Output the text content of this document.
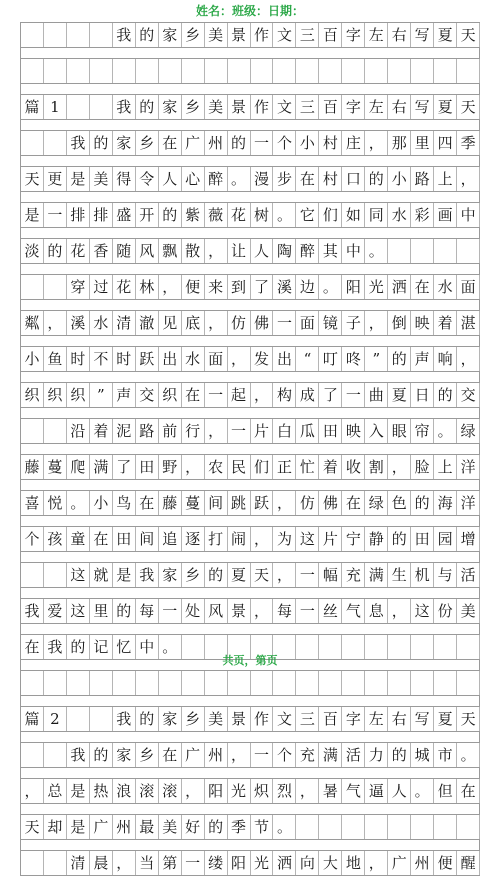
姓名：班级：日期：
我 的 家 乡 美 景 作 文 三 百 字 左 右 写 夏 天
篇 1	我 的 家 乡 美 景 作 文 三 百 字 左 右 写 夏 天
我 的 家 乡 在 广 州 的 一 个 小 村 庄 ， 那 里 四 季
天 更 是 美 得 令 人 心 醉 。 漫 步 在 村 口 的 小 路 上 ，
是 一 排 排 盛 开 的 紫 薇 花 树 。 它 们 如 同 水 彩 画 中
淡 的 花 香 随 风 飘 散 ， 让 人 陶 醉 其 中 。
穿 过 花 林 ， 便 来 到 了 溪 边 。 阳 光 洒 在 水 面
粼 ， 溪 水 清 澈 见 底 ， 仿 佛 一 面 镜 子 ， 倒 映 着 湛
小 鱼 时 不 时 跃 出 水 面 ， 发 出 “ 叮 咚 ” 的 声 响 ，
织 织 织 ” 声 交 织 在 一 起 ， 构 成 了 一 曲 夏 日 的 交
沿 着 泥 路 前 行 ， 一 片 白 瓜 田 映 入 眼 帘 。 绿
藤 蔓 爬 满 了 田 野 ， 农 民 们 正 忙 着 收 割 ， 脸 上 洋
喜 悦 。 小 鸟 在 藤 蔓 间 跳 跃 ， 仿 佛 在 绿 色 的 海 洋
个 孩 童 在 田 间 追 逐 打 闹 ， 为 这 片 宁 静 的 田 园 增
这 就 是 我 家 乡 的 夏 天 ， 一 幅 充 满 生 机 与 活
我 爱 这 里 的 每 一 处 风 景 ， 每 一 丝 气 息 ， 这 份 美
在 我 的 记 忆 中 。
篇 2	我 的 家 乡 美 景 作 文 三 百 字 左 右 写 夏 天
我 的 家 乡 在 广 州 ， 一 个 充 满 活 力 的 城 市 。
， 总 是 热 浪 滚 滚 ， 阳 光 炽 烈 ， 暑 气 逼 人 。 但 在
天 却 是 广 州 最 美 好 的 季 节 。
清 晨 ， 当 第 一 缕 阳 光 洒 向 大 地 ， 广 州 便 醒
共页，第页
